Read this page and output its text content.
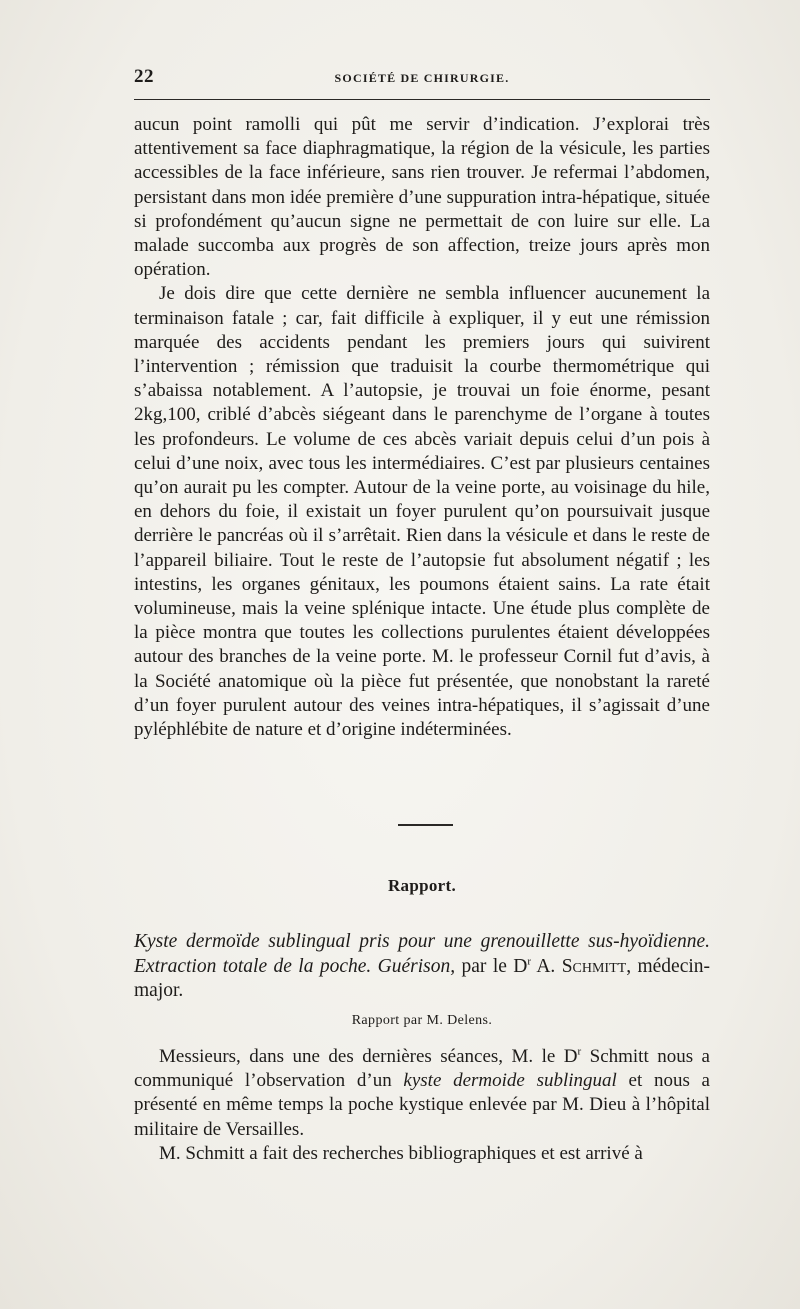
22	SOCIÉTÉ DE CHIRURGIE.

aucun point ramolli qui pût me servir d’indication. J’explorai très attentivement sa face diaphragmatique, la région de la vésicule, les parties accessibles de la face inférieure, sans rien trouver. Je refermai l’abdomen, persistant dans mon idée première d’une suppuration intra-hépatique, située si profondément qu’aucun signe ne permettait de con luire sur elle. La malade succomba aux progrès de son affection, treize jours après mon opération.

Je dois dire que cette dernière ne sembla influencer aucunement la terminaison fatale ; car, fait difficile à expliquer, il y eut une rémission marquée des accidents pendant les premiers jours qui suivirent l’intervention ; rémission que traduisit la courbe thermométrique qui s’abaissa notablement. A l’autopsie, je trouvai un foie énorme, pesant 2kg,100, criblé d’abcès siégeant dans le parenchyme de l’organe à toutes les profondeurs. Le volume de ces abcès variait depuis celui d’un pois à celui d’une noix, avec tous les intermédiaires. C’est par plusieurs centaines qu’on aurait pu les compter. Autour de la veine porte, au voisinage du hile, en dehors du foie, il existait un foyer purulent qu’on poursuivait jusque derrière le pancréas où il s’arrêtait. Rien dans la vésicule et dans le reste de l’appareil biliaire. Tout le reste de l’autopsie fut absolument négatif ; les intestins, les organes génitaux, les poumons étaient sains. La rate était volumineuse, mais la veine splénique intacte. Une étude plus complète de la pièce montra que toutes les collections purulentes étaient développées autour des branches de la veine porte. M. le professeur Cornil fut d’avis, à la Société anatomique où la pièce fut présentée, que nonobstant la rareté d’un foyer purulent autour des veines intra-hépatiques, il s’agissait d’une pyléphlébite de nature et d’origine indéterminées.

Rapport.

Kyste dermoïde sublingual pris pour une grenouillette sus-hyoïdienne. Extraction totale de la poche. Guérison, par le $D^r$ A. Schmitt, médecin-major.

Rapport par M. Delens.

Messieurs, dans une des dernières séances, M. le $D^r$ Schmitt nous a communiqué l’observation d’un kyste dermoide sublingual et nous a présenté en même temps la poche kystique enlevée par M. Dieu à l’hôpital militaire de Versailles.

M. Schmitt a fait des recherches bibliographiques et est arrivé à
